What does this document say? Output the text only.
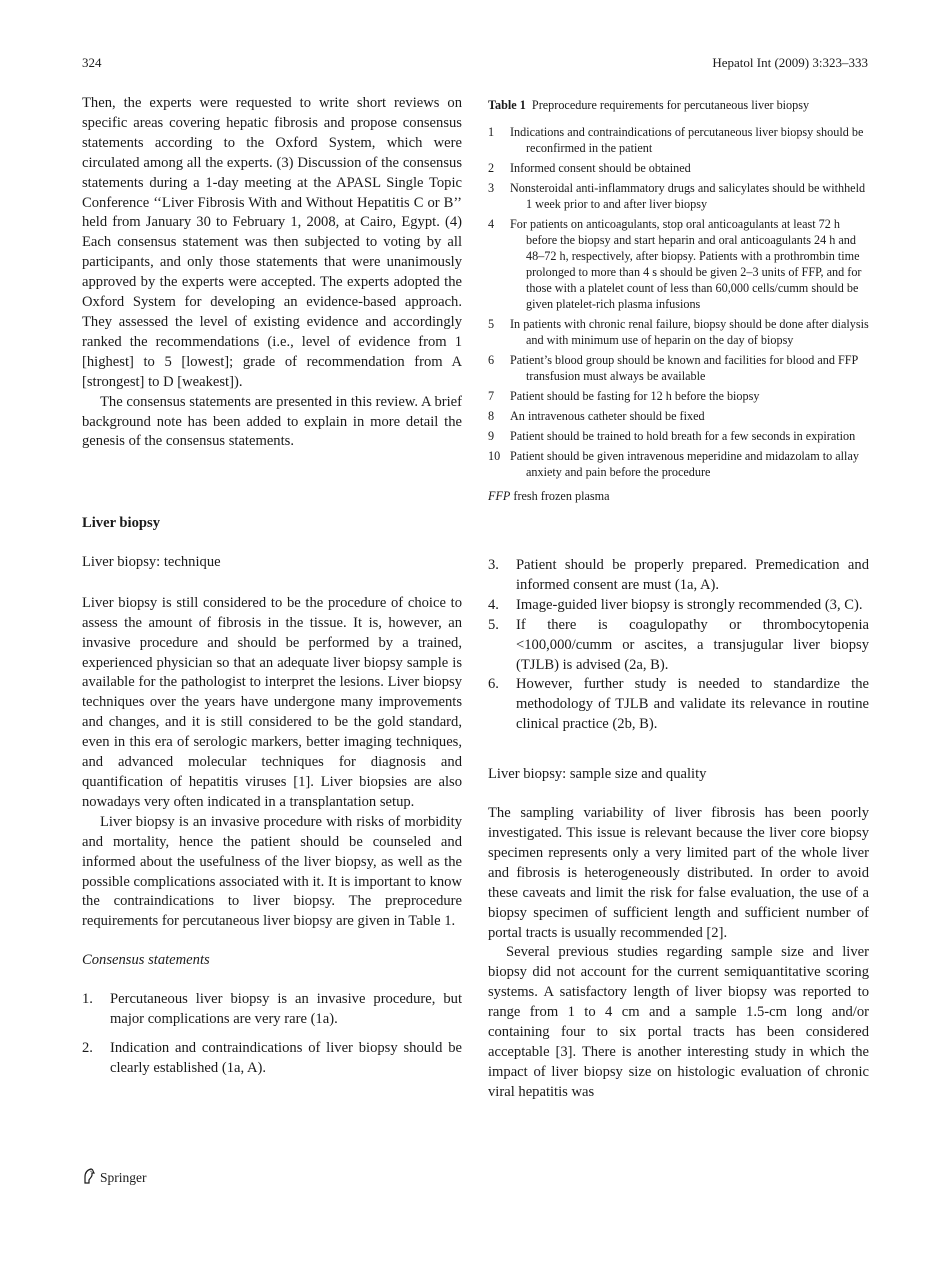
324	Hepatol Int (2009) 3:323–333

Then, the experts were requested to write short reviews on specific areas covering hepatic fibrosis and propose consensus statements according to the Oxford System, which were circulated among all the experts. (3) Discussion of the consensus statements during a 1-day meeting at the APASL Single Topic Conference ‘‘Liver Fibrosis With and Without Hepatitis C or B’’ held from January 30 to February 1, 2008, at Cairo, Egypt. (4) Each consensus statement was then subjected to voting by all participants, and only those statements that were unanimously approved by the experts were accepted. The experts adopted the Oxford System for developing an evidence-based approach. They assessed the level of existing evidence and accordingly ranked the recommendations (i.e., level of evidence from 1 [highest] to 5 [lowest]; grade of recommendation from A [strongest] to D [weakest]).

The consensus statements are presented in this review. A brief background note has been added to explain in more detail the genesis of the consensus statements.

Liver biopsy

Liver biopsy: technique

Liver biopsy is still considered to be the procedure of choice to assess the amount of fibrosis in the tissue. It is, however, an invasive procedure and should be performed by a trained, experienced physician so that an adequate liver biopsy sample is available for the pathologist to interpret the lesions. Liver biopsy techniques over the years have undergone many improvements and changes, and it is still considered to be the gold standard, even in this era of serologic markers, better imaging techniques, and advanced molecular techniques for diagnosis and quantification of hepatitis viruses [1]. Liver biopsies are also nowadays very often indicated in a transplantation setup.

Liver biopsy is an invasive procedure with risks of morbidity and mortality, hence the patient should be counseled and informed about the usefulness of the liver biopsy, as well as the possible complications associated with it. It is important to know the contraindications to liver biopsy. The preprocedure requirements for percutaneous liver biopsy are given in Table 1.

Consensus statements

1. Percutaneous liver biopsy is an invasive procedure, but major complications are very rare (1a).
2. Indication and contraindications of liver biopsy should be clearly established (1a, A).
Table 1 Preprocedure requirements for percutaneous liver biopsy
1 Indications and contraindications of percutaneous liver biopsy should be reconfirmed in the patient
2 Informed consent should be obtained
3 Nonsteroidal anti-inflammatory drugs and salicylates should be withheld 1 week prior to and after liver biopsy
4 For patients on anticoagulants, stop oral anticoagulants at least 72 h before the biopsy and start heparin and oral anticoagulants 24 h and 48–72 h, respectively, after biopsy. Patients with a prothrombin time prolonged to more than 4 s should be given 2–3 units of FFP, and for those with a platelet count of less than 60,000 cells/cumm should be given platelet-rich plasma infusions
5 In patients with chronic renal failure, biopsy should be done after dialysis and with minimum use of heparin on the day of biopsy
6 Patient’s blood group should be known and facilities for blood and FFP transfusion must always be available
7 Patient should be fasting for 12 h before the biopsy
8 An intravenous catheter should be fixed
9 Patient should be trained to hold breath for a few seconds in expiration
10 Patient should be given intravenous meperidine and midazolam to allay anxiety and pain before the procedure
FFP fresh frozen plasma
3. Patient should be properly prepared. Premedication and informed consent are must (1a, A).
4. Image-guided liver biopsy is strongly recommended (3, C).
5. If there is coagulopathy or thrombocytopenia <100,000/cumm or ascites, a transjugular liver biopsy (TJLB) is advised (2a, B).
6. However, further study is needed to standardize the methodology of TJLB and validate its relevance in routine clinical practice (2b, B).

Liver biopsy: sample size and quality

The sampling variability of liver fibrosis has been poorly investigated. This issue is relevant because the liver core biopsy specimen represents only a very limited part of the whole liver and fibrosis is heterogeneously distributed. In order to avoid these caveats and limit the risk for false evaluation, the use of a biopsy specimen of sufficient length and sufficient number of portal tracts is usually recommended [2].

Several previous studies regarding sample size and liver biopsy did not account for the current semiquantitative scoring systems. A satisfactory length of liver biopsy was reported to range from 1 to 4 cm and a sample 1.5-cm long and/or containing four to six portal tracts has been considered acceptable [3]. There is another interesting study in which the impact of liver biopsy size on histologic evaluation of chronic viral hepatitis was

Springer
